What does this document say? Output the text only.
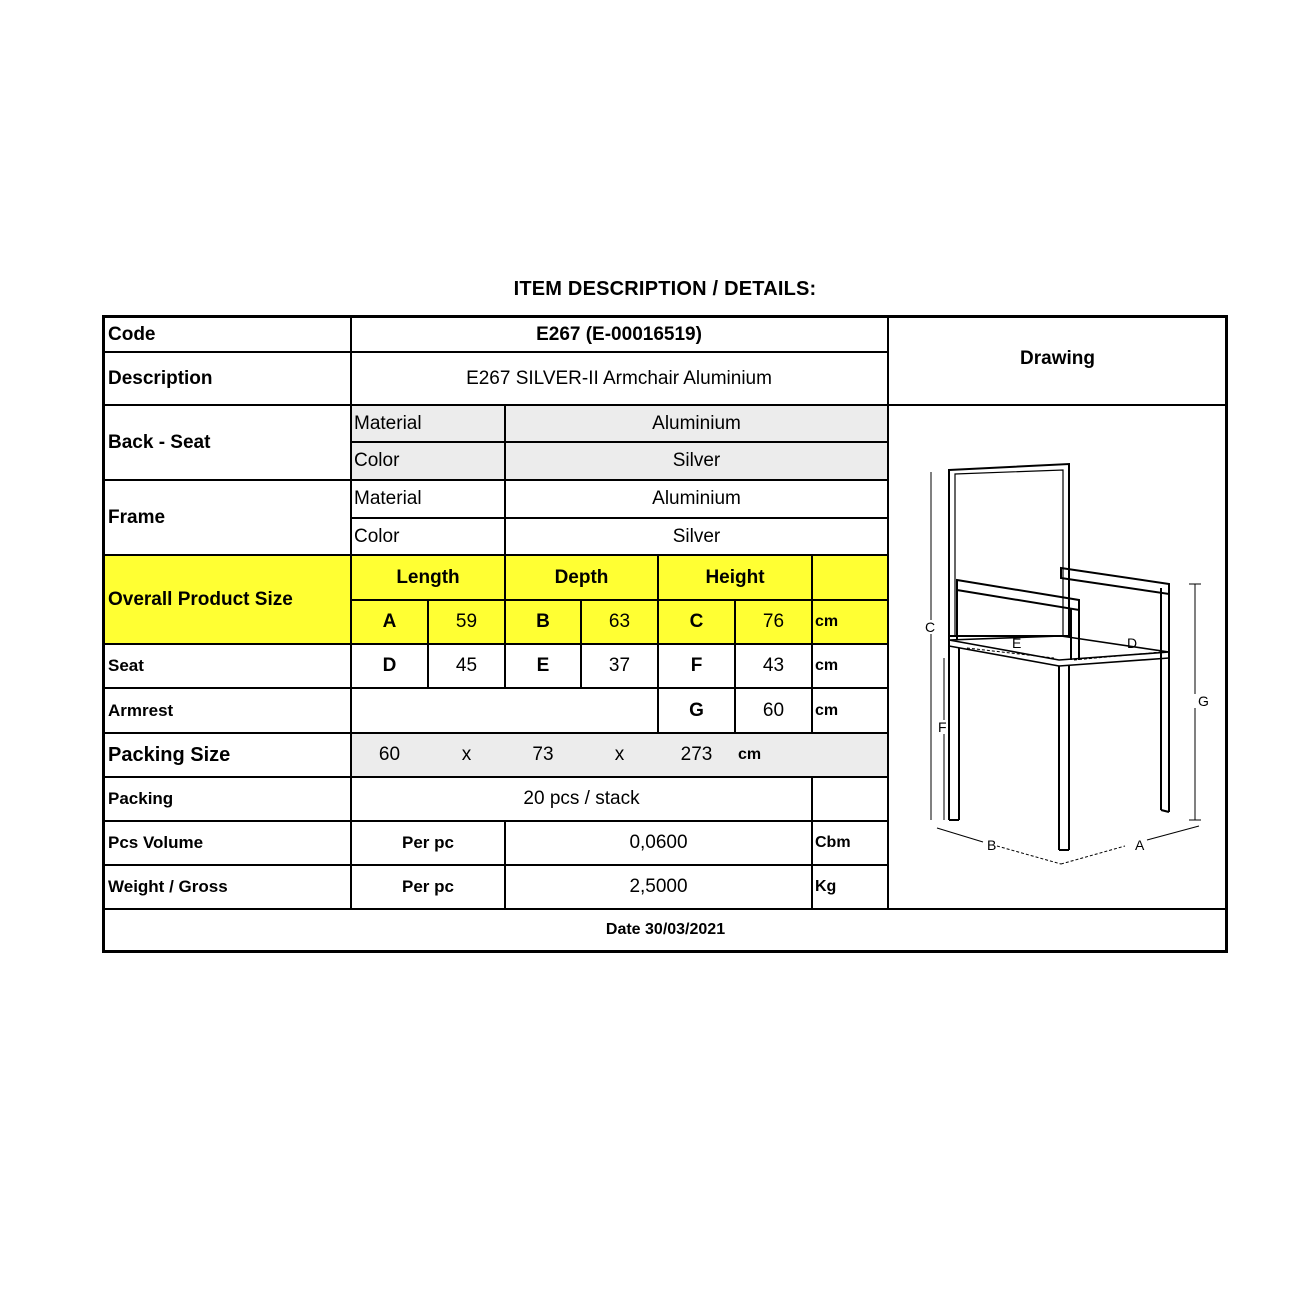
ITEM DESCRIPTION / DETAILS:
Code	E267 (E-00016519)
Description	E267 SILVER-II Armchair Aluminium
Drawing
Back - Seat
Material	Aluminium
Color	Silver
Frame
Material	Aluminium
Color	Silver
Overall Product Size
Length	Depth	Height
A	59	B	63	C	76	cm
Seat	D	45	E	37	F	43	cm
Armrest	G	60	cm
Packing Size	60	x	73	x	273	cm
Packing	20 pcs / stack
Pcs Volume	Per pc	0,0600	Cbm
Weight / Gross	Per pc	2,5000	Kg
Date 30/03/2021
C
F
E	D
G
B	A
